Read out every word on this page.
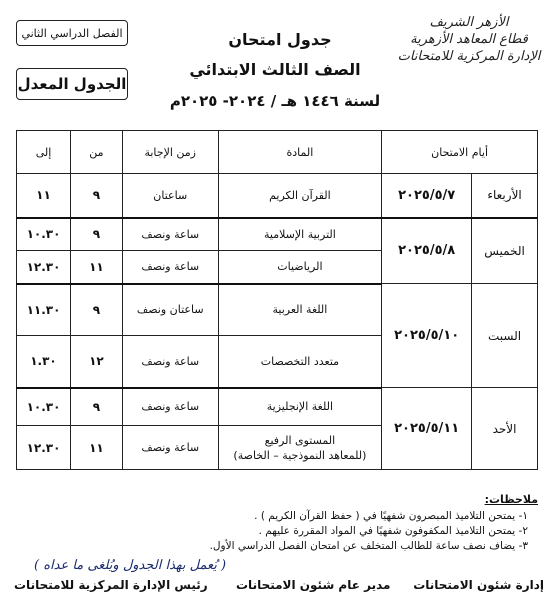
الأزهر الشريف
قطاع المعاهد الأزهرية
الإدارة المركزية للامتحانات
جدول امتحان
الصف الثالث الابتدائي
لسنة ١٤٤٦ هـ / ٢٠٢٤- ٢٠٢٥م
الفصل الدراسي الثاني
الجدول المعدل
أيام الامتحان		المادة	زمن الإجابة	من	إلى
الأربعاء	٢٠٢٥/٥/٧	القرآن الكريم	ساعتان	٩	١١
الخميس	٢٠٢٥/٥/٨	التربية الإسلامية	ساعة ونصف	٩	١٠.٣٠
		الرياضيات	ساعة ونصف	١١	١٢.٣٠
السبت	٢٠٢٥/٥/١٠	اللغة العربية	ساعتان ونصف	٩	١١.٣٠
		متعدد التخصصات	ساعة ونصف	١٢	١.٣٠
الأحد	٢٠٢٥/٥/١١	اللغة الإنجليزية	ساعة ونصف	٩	١٠.٣٠
		المستوى الرفيع
(للمعاهد النموذجية – الخاصة)	ساعة ونصف	١١	١٢.٣٠
ملاحظات:
١- يمتحن التلاميذ المبصرون شفهيًا في ( حفظ القرآن الكريم ) .
٢- يمتحن التلاميذ المكفوفون شفهيًا في المواد المقررة عليهم .
٣- يضاف نصف ساعة للطالب المتخلف عن امتحان الفصل الدراسي الأول.
( يُعمل بهذا الجدول ويُلغى ما عداه )
رئيس الإدارة المركزية للامتحانات مدير عام شئون الامتحانات إدارة شئون الامتحانات
